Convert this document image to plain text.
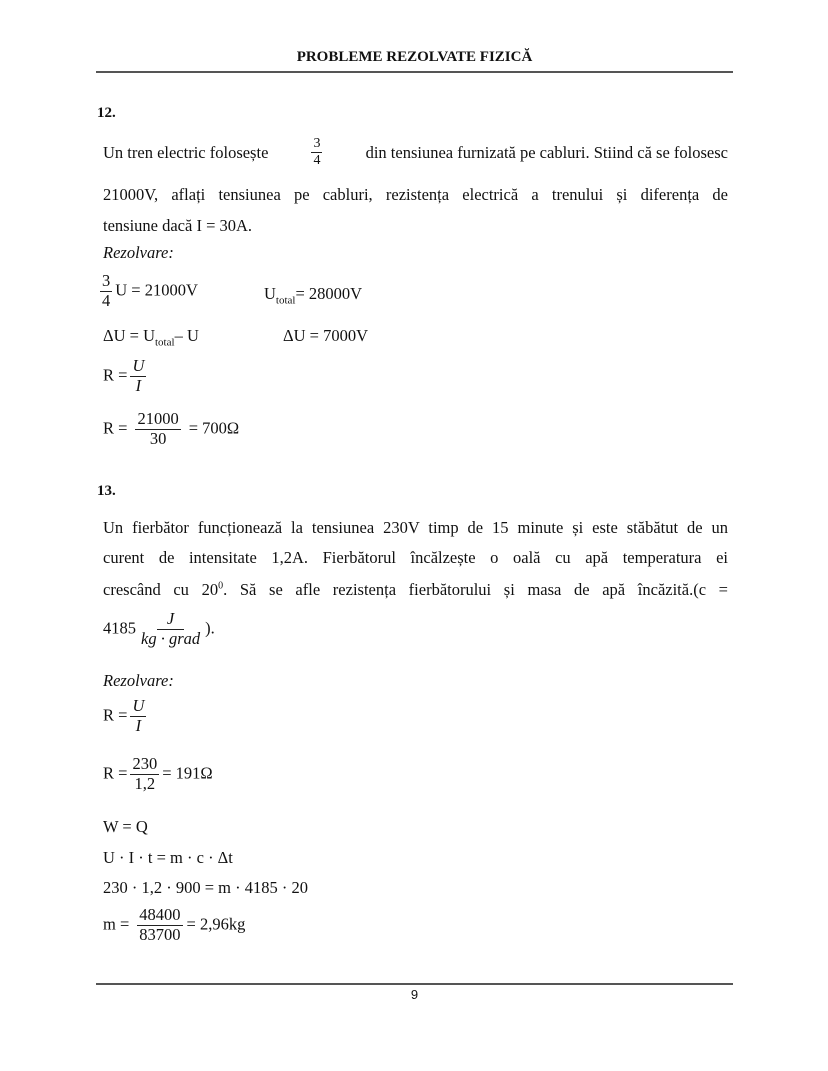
PROBLEME REZOLVATE FIZICĂ
12.
Un tren electric folosește	$\frac{3}{4}$	din tensiunea furnizată pe cabluri. Stiind că se folosesc
21000V, aflați tensiunea pe cabluri, rezistența electrică a trenului și diferența de
tensiune dacă I = 30A.
Rezolvare:
$\frac{3}{4}$ U = 21000V	$U_{total}= 28000V$
$\Delta U = U_{total}-$ U	ΔU = 7000V
$R = \frac{U}{I}$
$R = \frac{21000}{30} = 700\Omega$
13.
Un fierbător funcționează la tensiunea 230V timp de 15 minute și este stăbătut de un
curent de intensitate 1,2A. Fierbătorul încălzește o oală cu apă temperatura ei
crescând cu $20^0$. Să se afle rezistența fierbătorului și masa de apă încăzită.(c =
$4185 \frac{J}{\text{kg · grad}}$ ).
Rezolvare:
$R = \frac{U}{I}$
$R = \frac{230}{1,2} = 191\Omega$
W = Q
U · I · t = m · c · Δt
230 · 1,2 · 900 = m · 4185 · 20
$m = \frac{48400}{83700} = 2,96kg$
9
